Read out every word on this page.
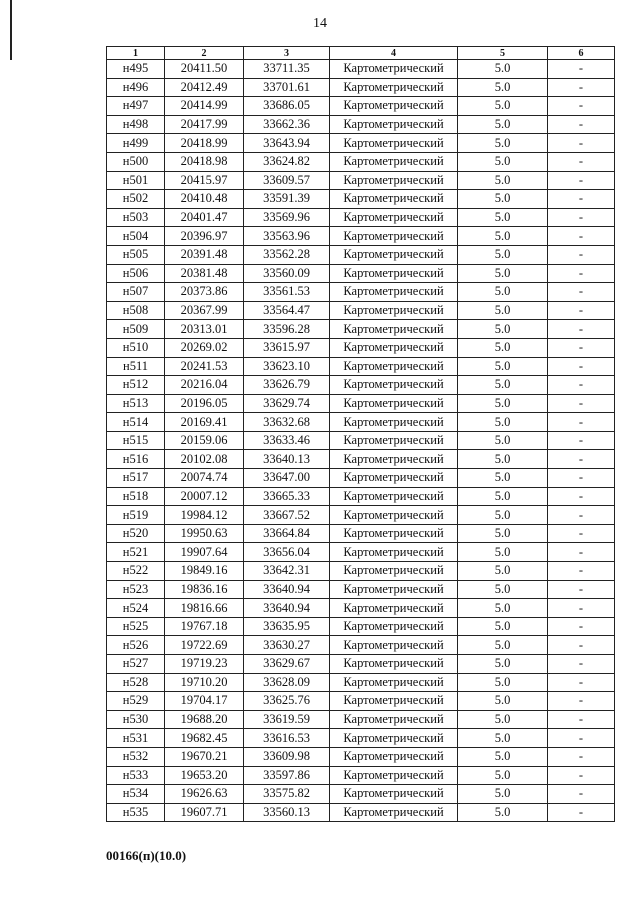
14
1	2	3	4	5	6
н495	20411.50	33711.35	Картометрический	5.0	-
н496	20412.49	33701.61	Картометрический	5.0	-
н497	20414.99	33686.05	Картометрический	5.0	-
н498	20417.99	33662.36	Картометрический	5.0	-
н499	20418.99	33643.94	Картометрический	5.0	-
н500	20418.98	33624.82	Картометрический	5.0	-
н501	20415.97	33609.57	Картометрический	5.0	-
н502	20410.48	33591.39	Картометрический	5.0	-
н503	20401.47	33569.96	Картометрический	5.0	-
н504	20396.97	33563.96	Картометрический	5.0	-
н505	20391.48	33562.28	Картометрический	5.0	-
н506	20381.48	33560.09	Картометрический	5.0	-
н507	20373.86	33561.53	Картометрический	5.0	-
н508	20367.99	33564.47	Картометрический	5.0	-
н509	20313.01	33596.28	Картометрический	5.0	-
н510	20269.02	33615.97	Картометрический	5.0	-
н511	20241.53	33623.10	Картометрический	5.0	-
н512	20216.04	33626.79	Картометрический	5.0	-
н513	20196.05	33629.74	Картометрический	5.0	-
н514	20169.41	33632.68	Картометрический	5.0	-
н515	20159.06	33633.46	Картометрический	5.0	-
н516	20102.08	33640.13	Картометрический	5.0	-
н517	20074.74	33647.00	Картометрический	5.0	-
н518	20007.12	33665.33	Картометрический	5.0	-
н519	19984.12	33667.52	Картометрический	5.0	-
н520	19950.63	33664.84	Картометрический	5.0	-
н521	19907.64	33656.04	Картометрический	5.0	-
н522	19849.16	33642.31	Картометрический	5.0	-
н523	19836.16	33640.94	Картометрический	5.0	-
н524	19816.66	33640.94	Картометрический	5.0	-
н525	19767.18	33635.95	Картометрический	5.0	-
н526	19722.69	33630.27	Картометрический	5.0	-
н527	19719.23	33629.67	Картометрический	5.0	-
н528	19710.20	33628.09	Картометрический	5.0	-
н529	19704.17	33625.76	Картометрический	5.0	-
н530	19688.20	33619.59	Картометрический	5.0	-
н531	19682.45	33616.53	Картометрический	5.0	-
н532	19670.21	33609.98	Картометрический	5.0	-
н533	19653.20	33597.86	Картометрический	5.0	-
н534	19626.63	33575.82	Картометрический	5.0	-
н535	19607.71	33560.13	Картометрический	5.0	-
00166(п)(10.0)
